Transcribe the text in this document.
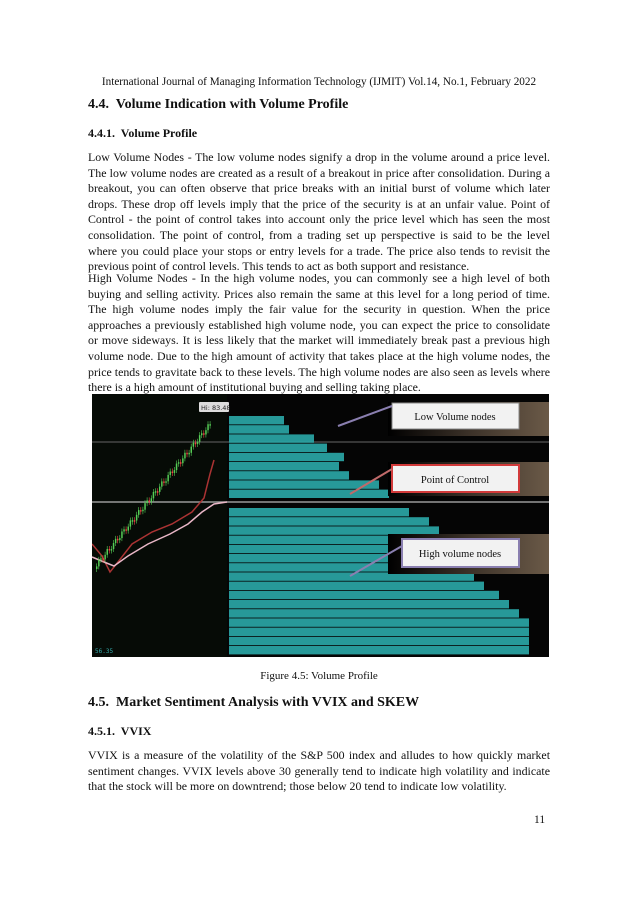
International Journal of Managing Information Technology (IJMIT) Vol.14, No.1, February 2022
4.4. Volume Indication with Volume Profile
4.4.1. Volume Profile
Low Volume Nodes - The low volume nodes signify a drop in the volume around a price level. The low volume nodes are created as a result of a breakout in price after consolidation. During a breakout, you can often observe that price breaks with an initial burst of volume which later drops. These drop off levels imply that the price of the security is at an unfair value. Point of Control - the point of control takes into account only the price level which has seen the most consolidation. The point of control, from a trading set up perspective is said to be the level where you could place your stops or entry levels for a trade. The price also tends to revisit the previous point of control levels. This tends to act as both support and resistance.
High Volume Nodes - In the high volume nodes, you can commonly see a high level of both buying and selling activity. Prices also remain the same at this level for a long period of time. The high volume nodes imply the fair value for the security in question. When the price approaches a previously established high volume node, you can expect the price to consolidate or move sideways. It is less likely that the market will immediately break past a previous high volume node. Due to the high amount of activity that takes place at the high volume nodes, the price tends to gravitate back to these levels. The high volume nodes are also seen as levels where there is a high amount of institutional buying and selling taking place.
Hi: 83.48
56.35
Low Volume nodes
Point of Control
High volume nodes
Figure 4.5: Volume Profile
4.5. Market Sentiment Analysis with VVIX and SKEW
4.5.1. VVIX
VVIX is a measure of the volatility of the S&P 500 index and alludes to how quickly market sentiment changes. VVIX levels above 30 generally tend to indicate high volatility and indicate that the stock will be more on downtrend; those below 20 tend to indicate low volatility.
11
